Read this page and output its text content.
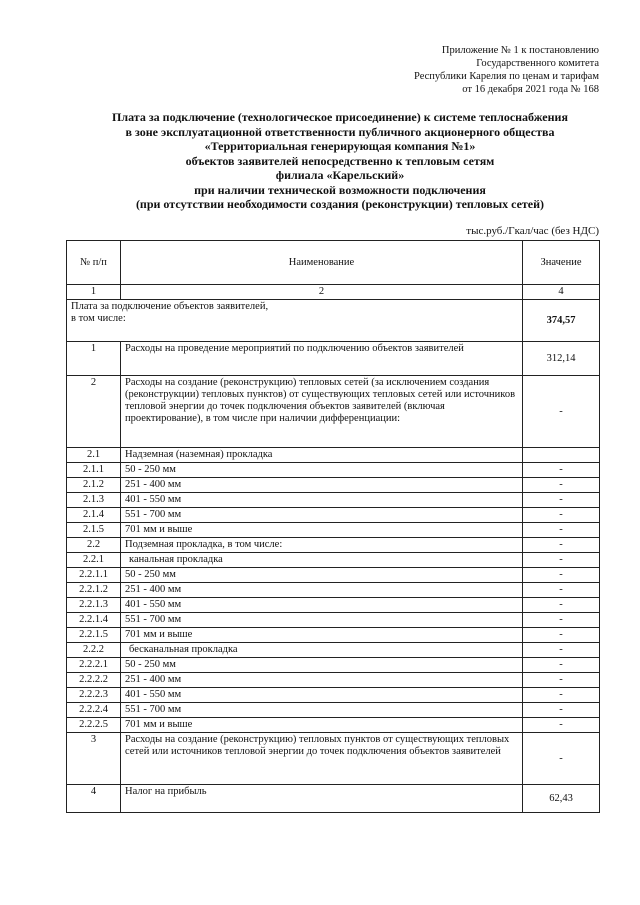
Приложение № 1 к постановлению
Государственного комитета
Республики Карелия по ценам и тарифам
от 16 декабря 2021 года № 168
Плата за подключение (технологическое присоединение) к системе теплоснабжения
в зоне эксплуатационной ответственности публичного акционерного общества
«Территориальная генерирующая компания №1»
объектов заявителей непосредственно к тепловым сетям
филиала «Карельский»
при наличии технической возможности подключения
(при отсутствии необходимости создания (реконструкции) тепловых сетей)
тыс.руб./Гкал/час (без НДС)
№ п/п	Наименование	Значение
1	2	4
Плата за подключение объектов заявителей,
в том числе:		374,57
1	Расходы на проведение мероприятий по подключению объектов заявителей	312,14
2	Расходы на создание (реконструкцию) тепловых сетей (за исключением создания (реконструкции) тепловых пунктов) от существующих тепловых сетей или источников тепловой энергии до точек подключения объектов заявителей (включая проектирование), в том числе при наличии дифференциации:	-
2.1	Надземная (наземная) прокладка	
2.1.1	50 - 250 мм	-
2.1.2	251 - 400 мм	-
2.1.3	401 - 550 мм	-
2.1.4	551 - 700 мм	-
2.1.5	701 мм и выше	-
2.2	Подземная прокладка, в том числе:	-
2.2.1	канальная прокладка	-
2.2.1.1	50 - 250 мм	-
2.2.1.2	251 - 400 мм	-
2.2.1.3	401 - 550 мм	-
2.2.1.4	551 - 700 мм	-
2.2.1.5	701 мм и выше	-
2.2.2	бесканальная прокладка	-
2.2.2.1	50 - 250 мм	-
2.2.2.2	251 - 400 мм	-
2.2.2.3	401 - 550 мм	-
2.2.2.4	551 - 700 мм	-
2.2.2.5	701 мм и выше	-
3	Расходы на создание (реконструкцию) тепловых пунктов от существующих тепловых сетей или источников тепловой энергии до точек подключения объектов заявителей	-
4	Налог на прибыль	62,43
